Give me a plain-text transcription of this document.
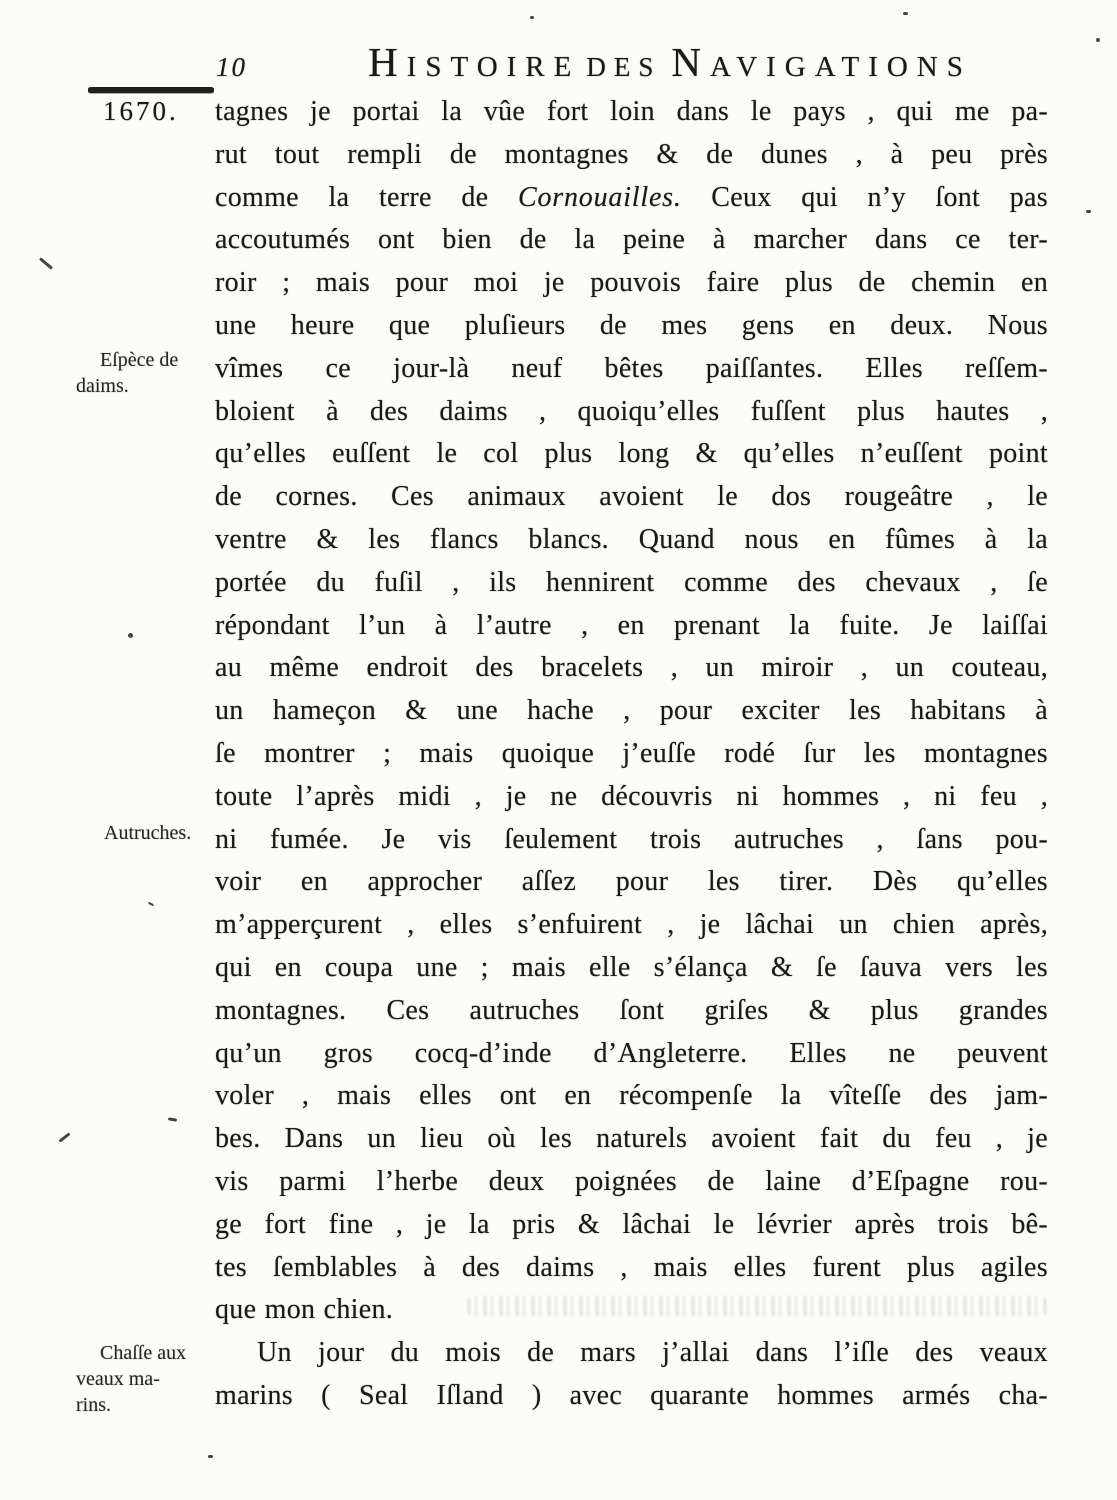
10	HISTOIRE DES NAVIGATIONS
1670.
Eſpèce de
daims.
Autruches.
Chaſſe aux
veaux ma-
rins.
tagnes je portai la vûe fort loin dans le pays , qui me pa-
rut tout rempli de montagnes & de dunes , à peu près
comme la terre de Cornouailles. Ceux qui n’y ſont pas
accoutumés ont bien de la peine à marcher dans ce ter-
roir ; mais pour moi je pouvois faire plus de chemin en
une heure que pluſieurs de mes gens en deux. Nous
vîmes ce jour-là neuf bêtes paiſſantes. Elles reſſem-
bloient à des daims , quoiqu’elles fuſſent plus hautes ,
qu’elles euſſent le col plus long & qu’elles n’euſſent point
de cornes. Ces animaux avoient le dos rougeâtre , le
ventre & les flancs blancs. Quand nous en fûmes à la
portée du fuſil , ils hennirent comme des chevaux , ſe
répondant l’un à l’autre , en prenant la fuite. Je laiſſai
au même endroit des bracelets , un miroir , un couteau,
un hameçon & une hache , pour exciter les habitans à
ſe montrer ; mais quoique j’euſſe rodé ſur les montagnes
toute l’après midi , je ne découvris ni hommes , ni feu ,
ni fumée. Je vis ſeulement trois autruches , ſans pou-
voir en approcher aſſez pour les tirer. Dès qu’elles
m’apperçurent , elles s’enfuirent , je lâchai un chien après,
qui en coupa une ; mais elle s’élança & ſe ſauva vers les
montagnes. Ces autruches ſont griſes & plus grandes
qu’un gros cocq-d’inde d’Angleterre. Elles ne peuvent
voler , mais elles ont en récompenſe la vîteſſe des jam-
bes. Dans un lieu où les naturels avoient fait du feu , je
vis parmi l’herbe deux poignées de laine d’Eſpagne rou-
ge fort fine , je la pris & lâchai le lévrier après trois bê-
tes ſemblables à des daims , mais elles furent plus agiles
que mon chien.
Un jour du mois de mars j’allai dans l’iſle des veaux
marins ( Seal Iſland ) avec quarante hommes armés cha-
